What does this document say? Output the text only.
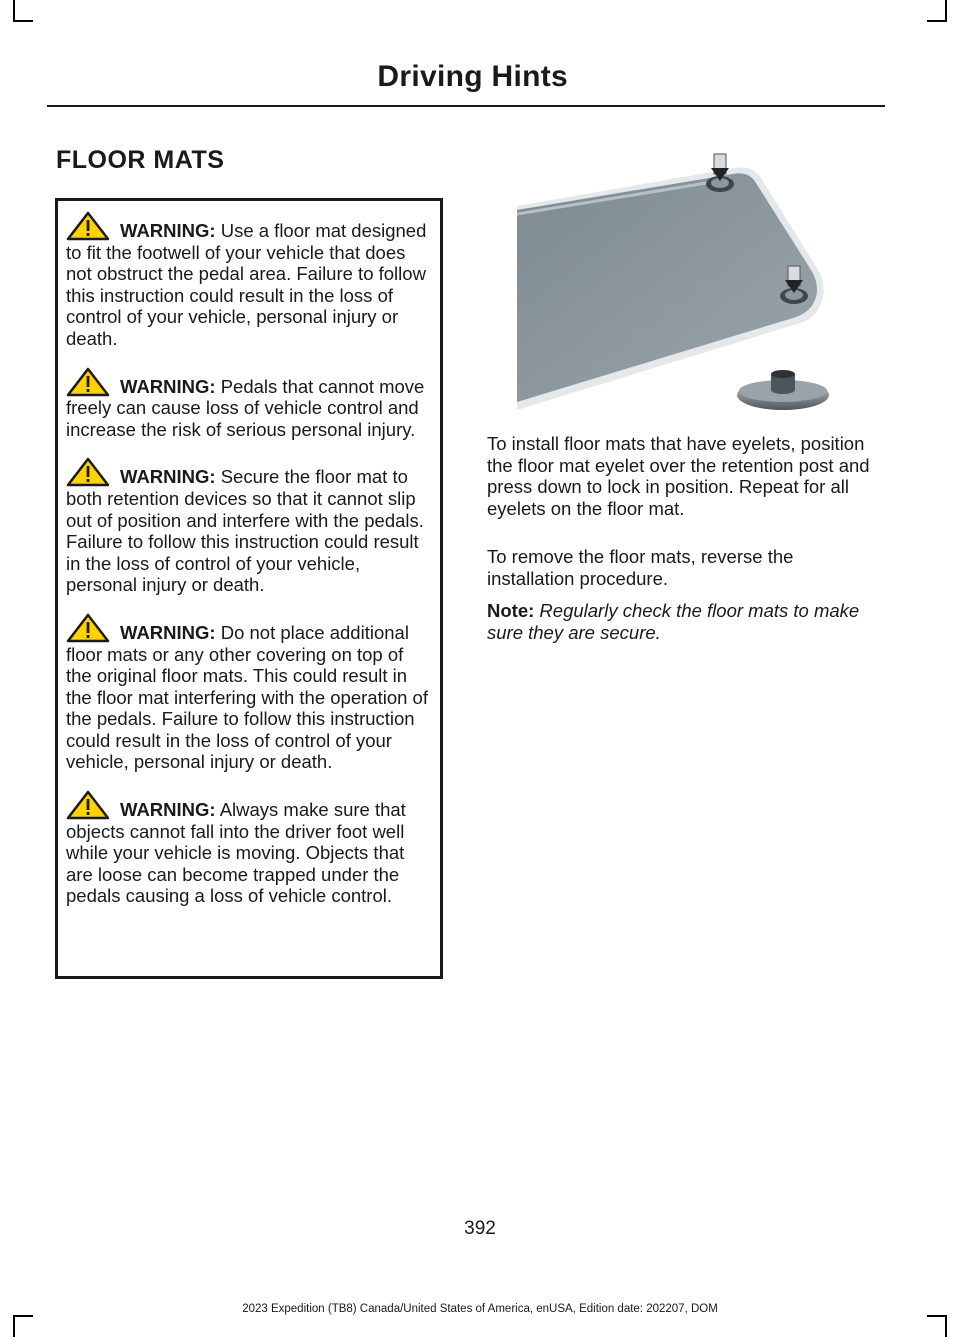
Driving Hints
FLOOR MATS

WARNING: Use a floor mat designed to fit the footwell of your vehicle that does not obstruct the pedal area. Failure to follow this instruction could result in the loss of control of your vehicle, personal injury or death.

WARNING: Pedals that cannot move freely can cause loss of vehicle control and increase the risk of serious personal injury.

WARNING: Secure the floor mat to both retention devices so that it cannot slip out of position and interfere with the pedals. Failure to follow this instruction could result in the loss of control of your vehicle, personal injury or death.

WARNING: Do not place additional floor mats or any other covering on top of the original floor mats. This could result in the floor mat interfering with the operation of the pedals. Failure to follow this instruction could result in the loss of control of your vehicle, personal injury or death.

WARNING: Always make sure that objects cannot fall into the driver foot well while your vehicle is moving. Objects that are loose can become trapped under the pedals causing a loss of vehicle control.

To install floor mats that have eyelets, position the floor mat eyelet over the retention post and press down to lock in position. Repeat for all eyelets on the floor mat.

To remove the floor mats, reverse the installation procedure.

Note: Regularly check the floor mats to make sure they are secure.

392
2023 Expedition (TB8) Canada/United States of America, enUSA, Edition date: 202207, DOM
